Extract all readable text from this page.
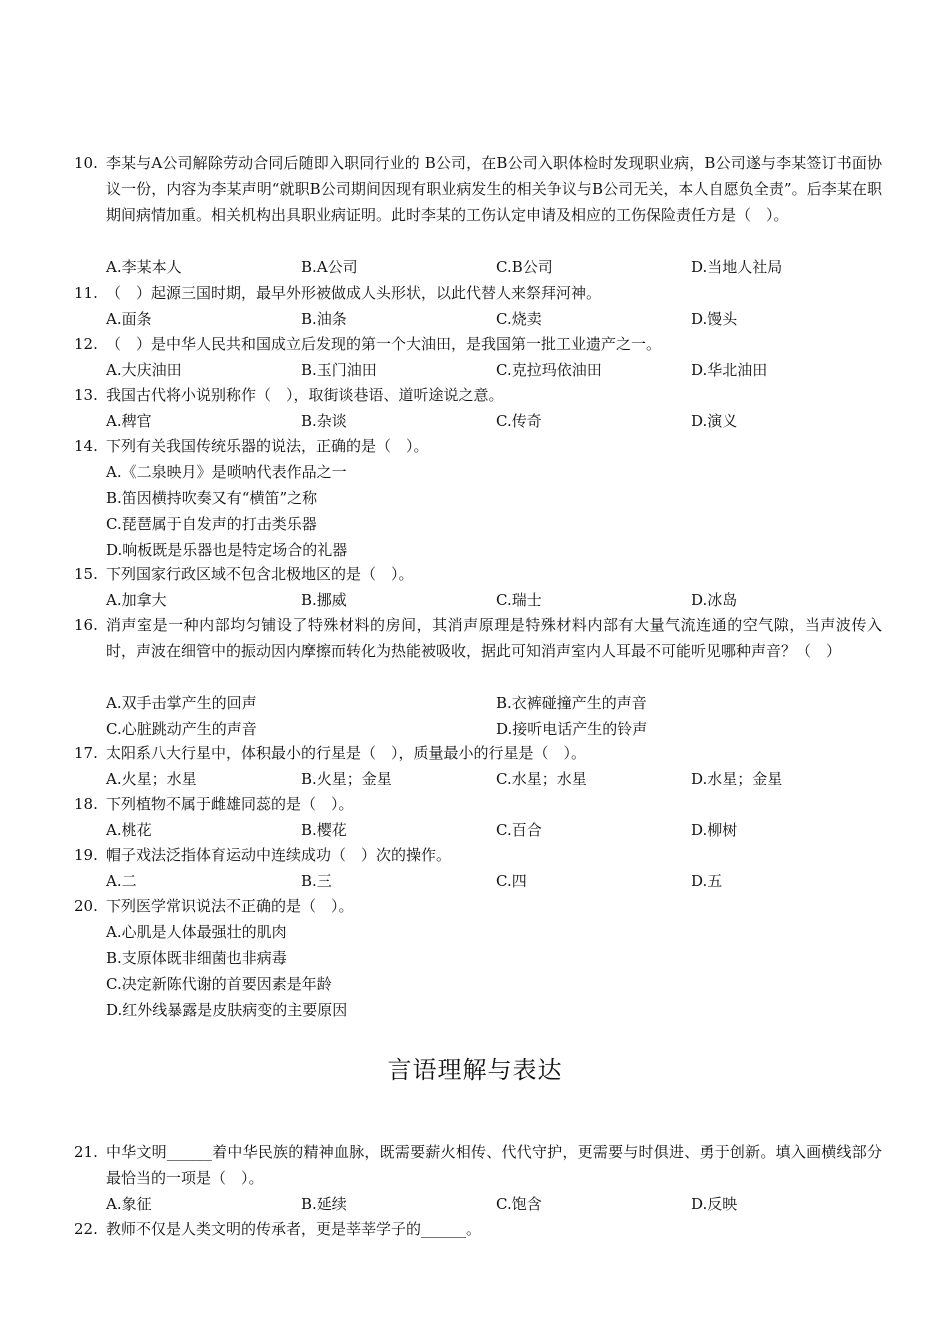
10. 李某与A公司解除劳动合同后随即入职同行业的 B公司，在B公司入职体检时发现职业病，B公司遂与李某签订书面协议一份，内容为李某声明“就职B公司期间因现有职业病发生的相关争议与B公司无关，本人自愿负全责”。后李某在职期间病情加重。相关机构出具职业病证明。此时李某的工伤认定申请及相应的工伤保险责任方是（　）。
A.李某本人	B.A公司	C.B公司	D.当地人社局
11. （　）起源三国时期，最早外形被做成人头形状，以此代替人来祭拜河神。
A.面条	B.油条	C.烧卖	D.馒头
12. （　）是中华人民共和国成立后发现的第一个大油田，是我国第一批工业遗产之一。
A.大庆油田	B.玉门油田	C.克拉玛依油田	D.华北油田
13. 我国古代将小说别称作（　），取街谈巷语、道听途说之意。
A.稗官	B.杂谈	C.传奇	D.演义
14. 下列有关我国传统乐器的说法，正确的是（　）。
A.《二泉映月》是唢呐代表作品之一
B.笛因横持吹奏又有“横笛”之称
C.琵琶属于自发声的打击类乐器
D.响板既是乐器也是特定场合的礼器
15. 下列国家行政区域不包含北极地区的是（　）。
A.加拿大	B.挪威	C.瑞士	D.冰岛
16. 消声室是一种内部均匀铺设了特殊材料的房间，其消声原理是特殊材料内部有大量气流连通的空气隙，当声波传入时，声波在细管中的振动因内摩擦而转化为热能被吸收，据此可知消声室内人耳最不可能听见哪种声音？（　）
A.双手击掌产生的回声	B.衣裤碰撞产生的声音
C.心脏跳动产生的声音	D.接听电话产生的铃声
17. 太阳系八大行星中，体积最小的行星是（　），质量最小的行星是（　）。
A.火星；水星	B.火星；金星	C.水星；水星	D.水星；金星
18. 下列植物不属于雌雄同蕊的是（　）。
A.桃花	B.樱花	C.百合	D.柳树
19. 帽子戏法泛指体育运动中连续成功（　）次的操作。
A.二	B.三	C.四	D.五
20. 下列医学常识说法不正确的是（　）。
A.心肌是人体最强壮的肌肉
B.支原体既非细菌也非病毒
C.决定新陈代谢的首要因素是年龄
D.红外线暴露是皮肤病变的主要原因
言语理解与表达
21. 中华文明______着中华民族的精神血脉，既需要薪火相传、代代守护，更需要与时俱进、勇于创新。填入画横线部分最恰当的一项是（　）。
A.象征	B.延续	C.饱含	D.反映
22. 教师不仅是人类文明的传承者，更是莘莘学子的______。
